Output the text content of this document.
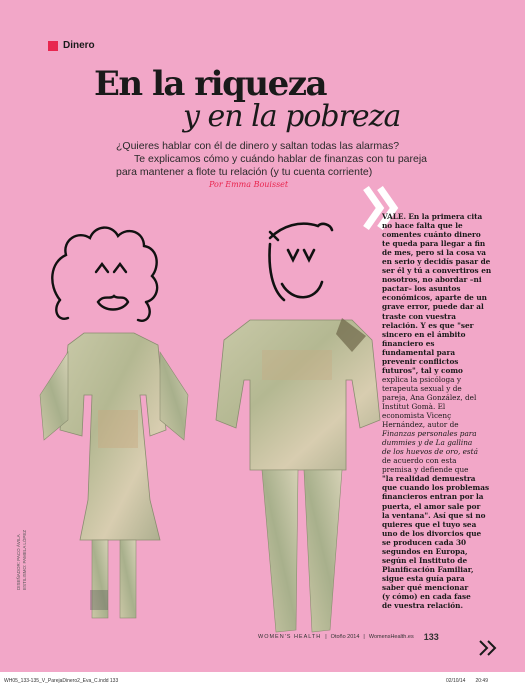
Dinero
En la riqueza
y en la pobreza
¿Quieres hablar con él de dinero y saltan todas las alarmas?
Te explicamos cómo y cuándo hablar de finanzas con tu pareja
para mantener a flote tu relación (y tu cuenta corriente)
Por Emma Bouisset
VALE. En la primera cita
no hace falta que le
comentes cuánto dinero
te queda para llegar a fin
de mes, pero si la cosa va
en serio y decidís pasar de
ser él y tú a convertiros en
nosotros, no abordar –ni
pactar– los asuntos
económicos, aparte de un
grave error, puede dar al
traste con vuestra
relación. Y es que "ser
sincero en el ámbito
financiero es
fundamental para
prevenir conflictos
futuros", tal y como
explica la psicóloga y
terapeuta sexual y de
pareja, Ana González, del
Institut Gomà. El
economista Vicenç
Hernández, autor de
Finanzas personales para
dummies y de La gallina
de los huevos de oro, está
de acuerdo con esta
premisa y defiende que
"la realidad demuestra
que cuando los problemas
financieros entran por la
puerta, el amor sale por
la ventana". Así que si no
quieres que el tuyo sea
uno de los divorcios que
se producen cada 30
segundos en Europa,
según el Instituto de
Planificación Familiar,
sigue esta guía para
saber qué mencionar
(y cómo) en cada fase
de vuestra relación.
DISEÑADOR: PACO ÁVILA ESTILISMO: PAMELA LÓPEZ
WOMEN'S HEALTH | Otoño 2014 | WomensHealth.es 133
WH05_133-135_V_ParejaDinero2_Eva_C.indd 133	02/10/14 20:49
